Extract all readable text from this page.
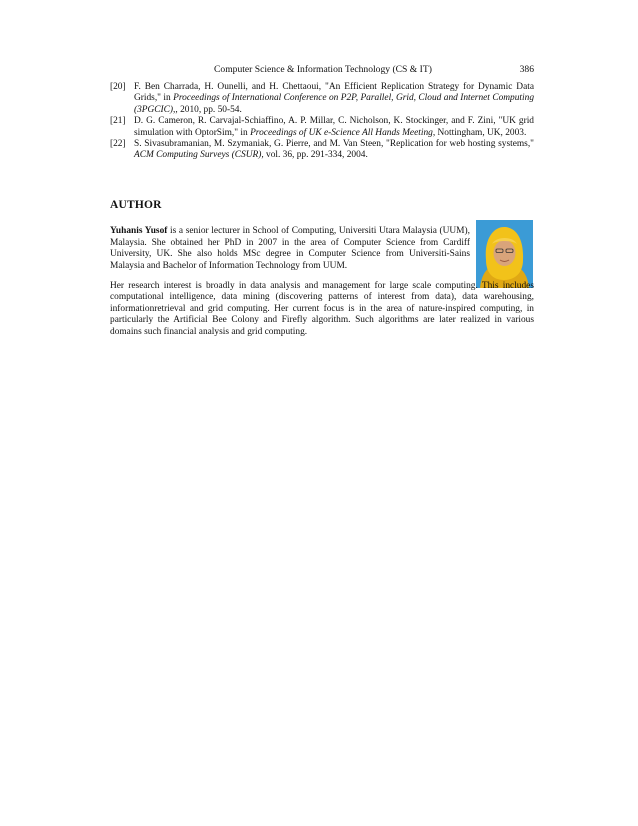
Computer Science & Information Technology (CS & IT)	386
[20] F. Ben Charrada, H. Ounelli, and H. Chettaoui, "An Efficient Replication Strategy for Dynamic Data Grids," in Proceedings of International Conference on P2P, Parallel, Grid, Cloud and Internet Computing (3PGCIC),, 2010, pp. 50-54.
[21] D. G. Cameron, R. Carvajal-Schiaffino, A. P. Millar, C. Nicholson, K. Stockinger, and F. Zini, "UK grid simulation with OptorSim," in Proceedings of UK e-Science All Hands Meeting, Nottingham, UK, 2003.
[22] S. Sivasubramanian, M. Szymaniak, G. Pierre, and M. Van Steen, "Replication for web hosting systems," ACM Computing Surveys (CSUR), vol. 36, pp. 291-334, 2004.
AUTHOR
Yuhanis Yusof is a senior lecturer in School of Computing, Universiti Utara Malaysia (UUM), Malaysia. She obtained her PhD in 2007 in the area of Computer Science from Cardiff University, UK. She also holds MSc degree in Computer Science from Universiti-Sains Malaysia and Bachelor of Information Technology from UUM.
Her research interest is broadly in data analysis and management for large scale computing. This includes computational intelligence, data mining (discovering patterns of interest from data), data warehousing, informationretrieval and grid computing. Her current focus is in the area of nature-inspired computing, in particularly the Artificial Bee Colony and Firefly algorithm. Such algorithms are later realized in various domains such financial analysis and grid computing.
